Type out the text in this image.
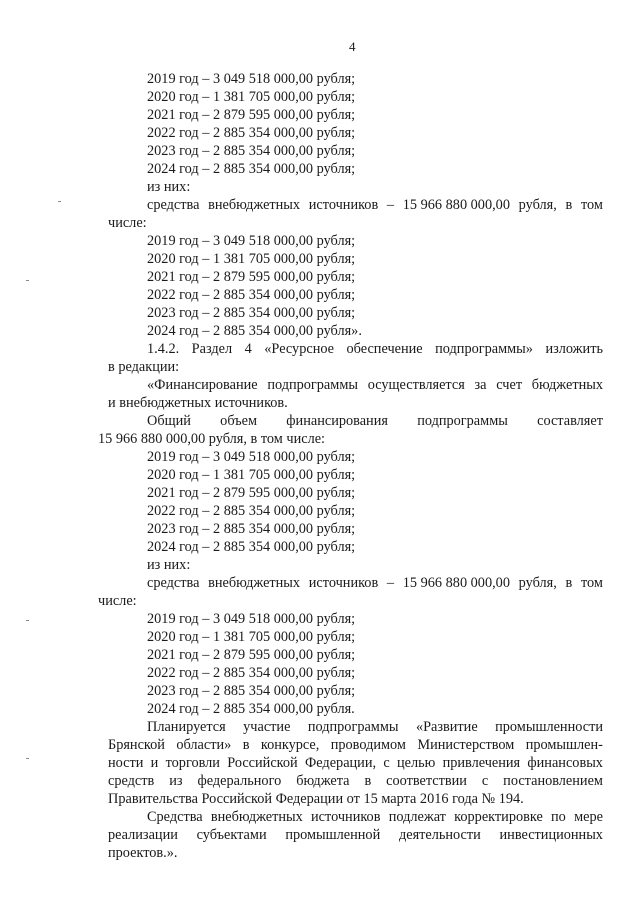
4
2019 год – 3 049 518 000,00 рубля;
2020 год – 1 381 705 000,00 рубля;
2021 год – 2 879 595 000,00 рубля;
2022 год – 2 885 354 000,00 рубля;
2023 год – 2 885 354 000,00 рубля;
2024 год – 2 885 354 000,00 рубля;
из них:
средства внебюджетных источников – 15 966 880 000,00 рубля, в том
числе:
2019 год – 3 049 518 000,00 рубля;
2020 год – 1 381 705 000,00 рубля;
2021 год – 2 879 595 000,00 рубля;
2022 год – 2 885 354 000,00 рубля;
2023 год – 2 885 354 000,00 рубля;
2024 год – 2 885 354 000,00 рубля».
1.4.2. Раздел 4 «Ресурсное обеспечение подпрограммы» изложить
в редакции:
«Финансирование подпрограммы осуществляется за счет бюджетных
и внебюджетных источников.
Общий объем финансирования подпрограммы составляет
15 966 880 000,00 рубля, в том числе:
2019 год – 3 049 518 000,00 рубля;
2020 год – 1 381 705 000,00 рубля;
2021 год – 2 879 595 000,00 рубля;
2022 год – 2 885 354 000,00 рубля;
2023 год – 2 885 354 000,00 рубля;
2024 год – 2 885 354 000,00 рубля;
из них:
средства внебюджетных источников – 15 966 880 000,00 рубля, в том
числе:
2019 год – 3 049 518 000,00 рубля;
2020 год – 1 381 705 000,00 рубля;
2021 год – 2 879 595 000,00 рубля;
2022 год – 2 885 354 000,00 рубля;
2023 год – 2 885 354 000,00 рубля;
2024 год – 2 885 354 000,00 рубля.
Планируется участие подпрограммы «Развитие промышленности
Брянской области» в конкурсе, проводимом Министерством промышлен-
ности и торговли Российской Федерации, с целью привлечения финансовых
средств из федерального бюджета в соответствии с постановлением
Правительства Российской Федерации от 15 марта 2016 года № 194.
Средства внебюджетных источников подлежат корректировке по мере
реализации субъектами промышленной деятельности инвестиционных
проектов.».
